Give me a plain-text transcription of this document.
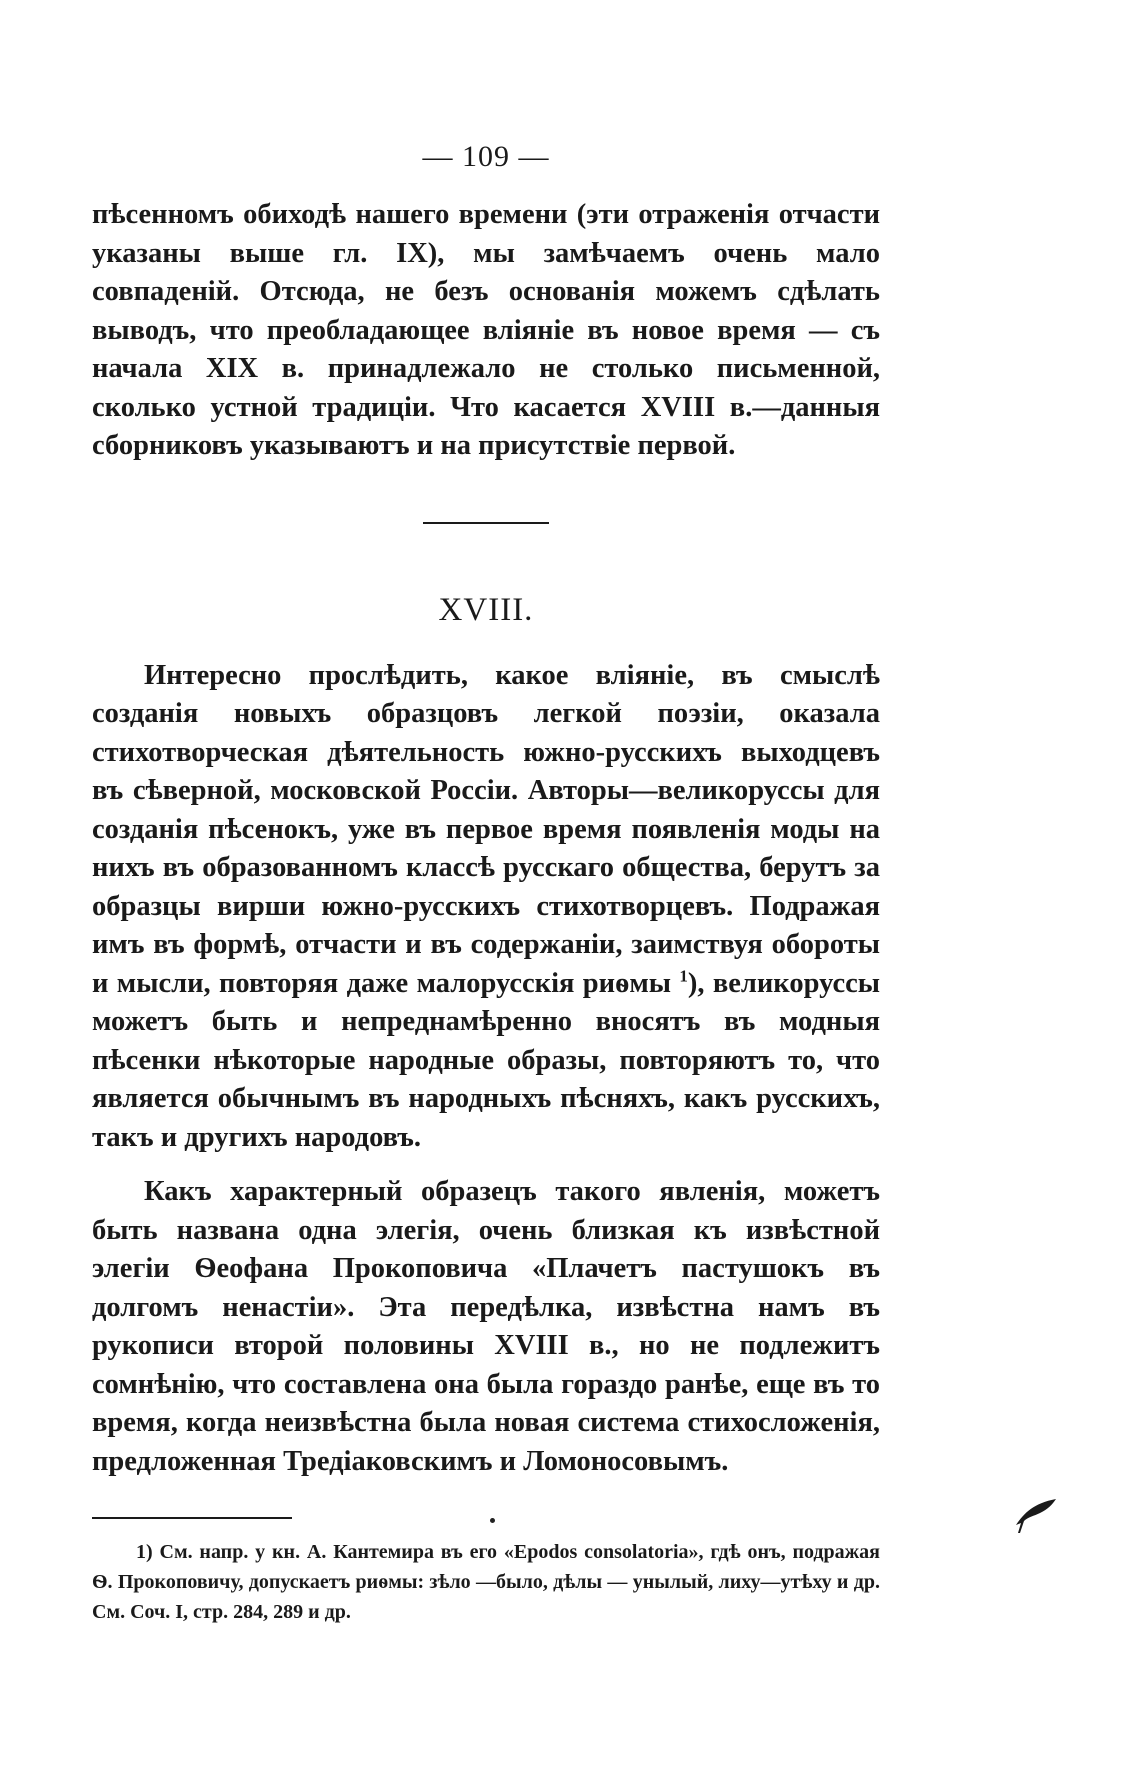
— 109 —

пѣсенномъ обиходѣ нашего времени (эти отраженія отчасти указаны выше гл. IX), мы замѣчаемъ очень мало совпаденій. Отсюда, не безъ основанія можемъ сдѣлать выводъ, что преобладающее вліяніе въ новое время — съ начала XIX в. принадлежало не столько письменной, сколько устной традиціи. Что касается XVIII в.—данныя сборниковъ указываютъ и на присутствіе первой.

XVIII.

Интересно прослѣдить, какое вліяніе, въ смыслѣ созданія новыхъ образцовъ легкой поэзіи, оказала стихотворческая дѣятельность южно-русскихъ выходцевъ въ сѣверной, московской Россіи. Авторы—великоруссы для созданія пѣсенокъ, уже въ первое время появленія моды на нихъ въ образованномъ классѣ русскаго общества, берутъ за образцы вирши южно-русскихъ стихотворцевъ. Подражая имъ въ формѣ, отчасти и въ содержаніи, заимствуя обороты и мысли, повторяя даже малорусскія риѳмы $^1$), великоруссы можетъ быть и непреднамѣренно вносятъ въ модныя пѣсенки нѣкоторые народные образы, повторяютъ то, что является обычнымъ въ народныхъ пѣсняхъ, какъ русскихъ, такъ и другихъ народовъ.

Какъ характерный образецъ такого явленія, можетъ быть названа одна элегія, очень близкая къ извѣстной элегіи Ѳеофана Прокоповича «Плачетъ пастушокъ въ долгомъ ненастіи». Эта передѣлка, извѣстна намъ въ рукописи второй половины XVIII в., но не подлежитъ сомнѣнію, что составлена она была гораздо ранѣе, еще въ то время, когда неизвѣстна была новая система стихосложенія, предложенная Тредіаковскимъ и Ломоносовымъ.

1) См. напр. у кн. А. Кантемира въ его «Epodos consolatoria», гдѣ онъ, подражая Ѳ. Прокоповичу, допускаетъ риѳмы: зѣло —было, дѣлы — унылый, лиху—утѣху и др. См. Соч. I, стр. 284, 289 и др.
